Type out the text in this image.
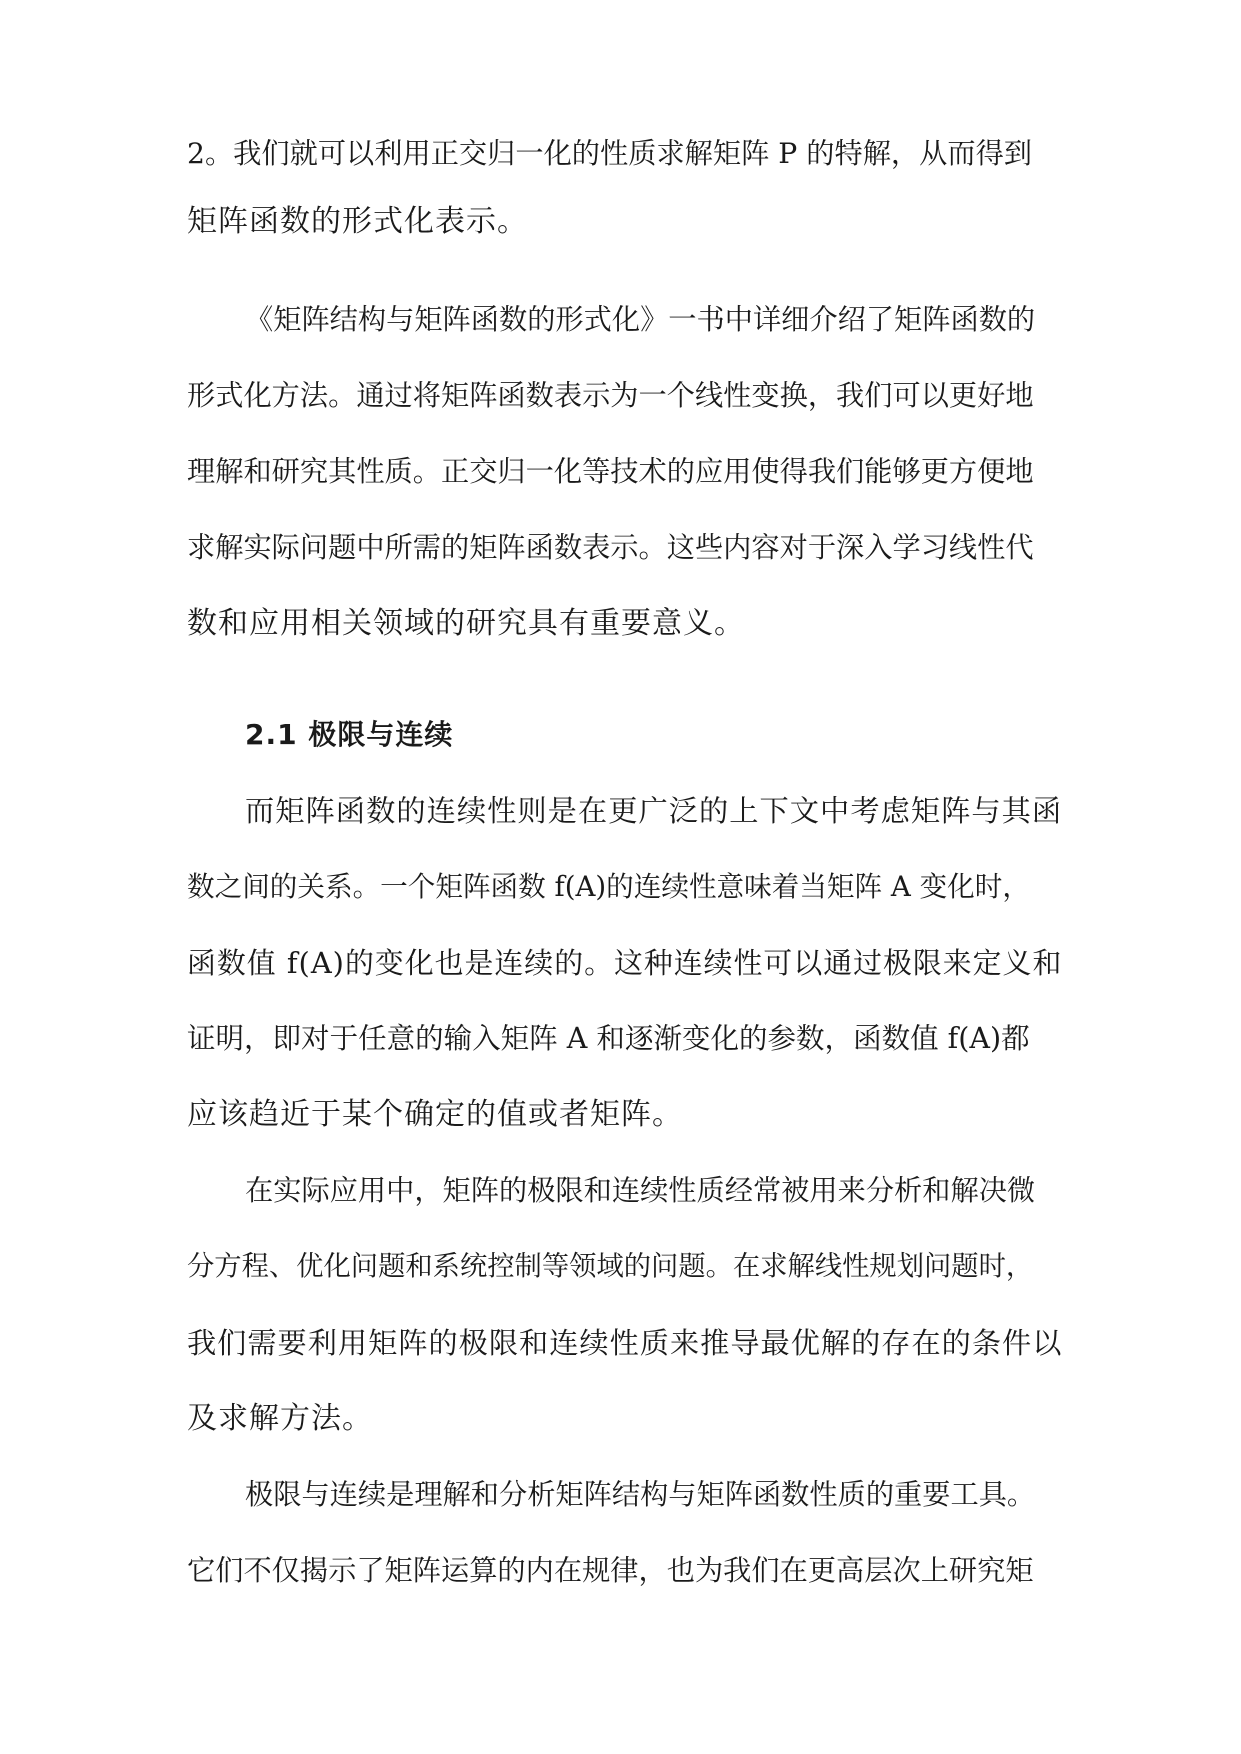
2。我们就可以利用正交归一化的性质求解矩阵 P 的特解，从而得到
矩阵函数的形式化表示。
《矩阵结构与矩阵函数的形式化》一书中详细介绍了矩阵函数的
形式化方法。通过将矩阵函数表示为一个线性变换，我们可以更好地
理解和研究其性质。正交归一化等技术的应用使得我们能够更方便地
求解实际问题中所需的矩阵函数表示。这些内容对于深入学习线性代
数和应用相关领域的研究具有重要意义。
2.1 极限与连续
而矩阵函数的连续性则是在更广泛的上下文中考虑矩阵与其函
数之间的关系。一个矩阵函数 f(A)的连续性意味着当矩阵 A 变化时，
函数值 f(A)的变化也是连续的。这种连续性可以通过极限来定义和
证明，即对于任意的输入矩阵 A 和逐渐变化的参数，函数值 f(A)都
应该趋近于某个确定的值或者矩阵。
在实际应用中，矩阵的极限和连续性质经常被用来分析和解决微
分方程、优化问题和系统控制等领域的问题。在求解线性规划问题时，
我们需要利用矩阵的极限和连续性质来推导最优解的存在的条件以
及求解方法。
极限与连续是理解和分析矩阵结构与矩阵函数性质的重要工具。
它们不仅揭示了矩阵运算的内在规律，也为我们在更高层次上研究矩
